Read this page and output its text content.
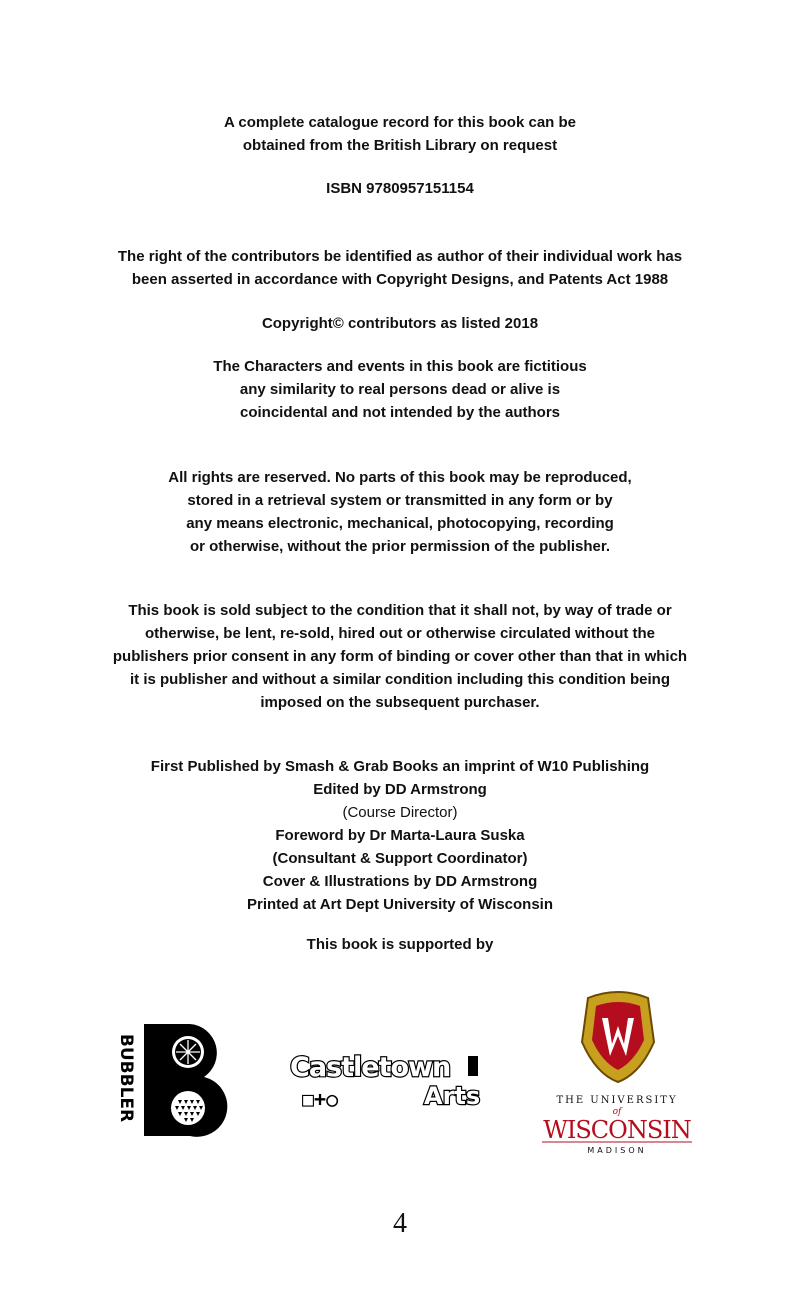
A complete catalogue record for this book can be
obtained from the British Library on request
ISBN 9780957151154
The right of the contributors be identified as author of their individual work has
been asserted in accordance with Copyright Designs, and Patents Act 1988
Copyright© contributors as listed 2018
The Characters and events in this book are fictitious
any similarity to real persons dead or alive is
coincidental and not intended by the authors
All rights are reserved. No parts of this book may be reproduced,
stored in a retrieval system or transmitted in any form or by
any means electronic, mechanical, photocopying, recording
or otherwise, without the prior permission of the publisher.
This book is sold subject to the condition that it shall not, by way of trade or
otherwise, be lent, re-sold, hired out or otherwise circulated without the
publishers prior consent in any form of binding or cover other than that in which
it is publisher and without a similar condition including this condition being
imposed on the subsequent purchaser.
First Published by Smash & Grab Books an imprint of W10 Publishing
Edited by DD Armstrong
(Course Director)
Foreword by Dr Marta-Laura Suska
(Consultant & Support Coordinator)
Cover & Illustrations by DD Armstrong
Printed at Art Dept University of Wisconsin
This book is supported by
BUBBLER	Castletown
□+○	Arts	THE UNIVERSITY
of
WISCONSIN
MADISON
4
